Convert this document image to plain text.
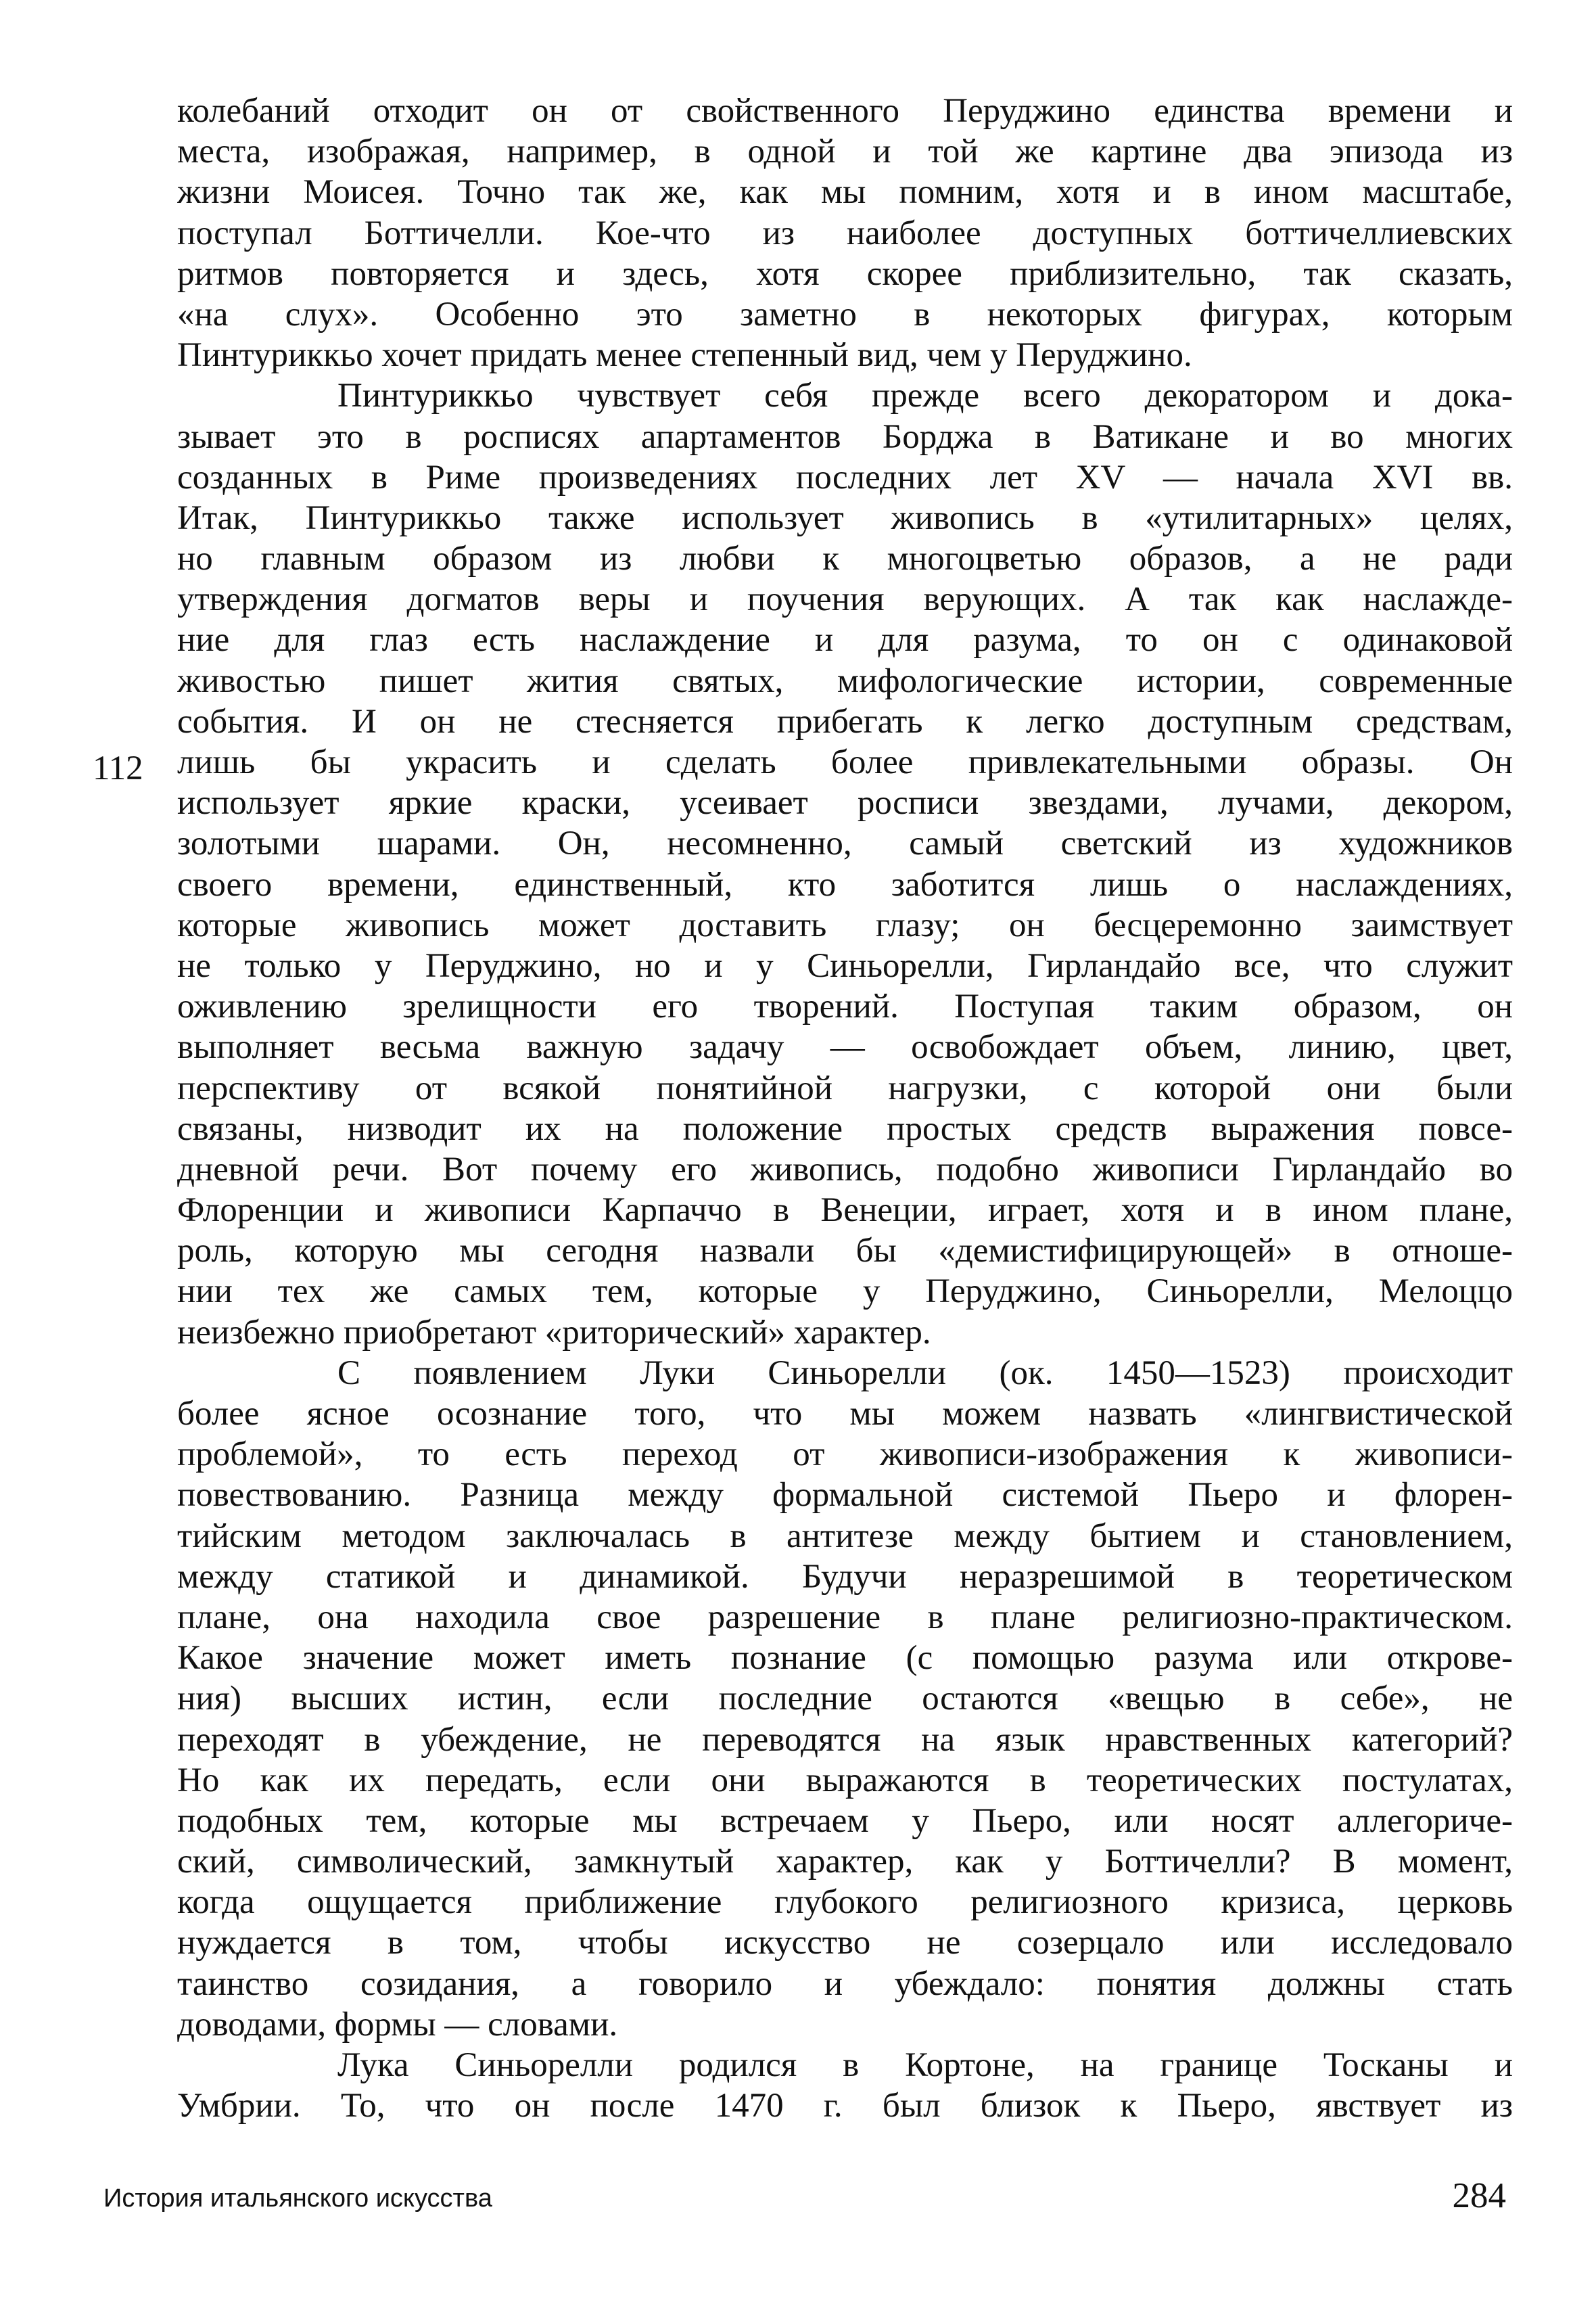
колебаний отходит он от свойственного Перуджино единства времени и
места, изображая, например, в одной и той же картине два эпизода из
жизни Моисея. Точно так же, как мы помним, хотя и в ином масштабе,
поступал Боттичелли. Кое-что из наиболее доступных боттичеллиевских
ритмов повторяется и здесь, хотя скорее приблизительно, так сказать,
«на слух». Особенно это заметно в некоторых фигурах, которым
Пинтуриккьо хочет придать менее степенный вид, чем у Перуджино.
Пинтуриккьо чувствует себя прежде всего декоратором и дока-
зывает это в росписях апартаментов Борджа в Ватикане и во многих
созданных в Риме произведениях последних лет XV — начала XVI вв.
Итак, Пинтуриккьо также использует живопись в «утилитарных» целях,
но главным образом из любви к многоцветью образов, а не ради
утверждения догматов веры и поучения верующих. А так как наслажде-
ние для глаз есть наслаждение и для разума, то он с одинаковой
живостью пишет жития святых, мифологические истории, современные
события. И он не стесняется прибегать к легко доступным средствам,
лишь бы украсить и сделать более привлекательными образы. Он
использует яркие краски, усеивает росписи звездами, лучами, декором,
золотыми шарами. Он, несомненно, самый светский из художников
своего времени, единственный, кто заботится лишь о наслаждениях,
которые живопись может доставить глазу; он бесцеремонно заимствует
не только у Перуджино, но и у Синьорелли, Гирландайо все, что служит
оживлению зрелищности его творений. Поступая таким образом, он
выполняет весьма важную задачу — освобождает объем, линию, цвет,
перспективу от всякой понятийной нагрузки, с которой они были
связаны, низводит их на положение простых средств выражения повсе-
дневной речи. Вот почему его живопись, подобно живописи Гирландайо во
Флоренции и живописи Карпаччо в Венеции, играет, хотя и в ином плане,
роль, которую мы сегодня назвали бы «демистифицирующей» в отноше-
нии тех же самых тем, которые у Перуджино, Синьорелли, Мелоццо
неизбежно приобретают «риторический» характер.
С появлением Луки Синьорелли (ок. 1450—1523) происходит
более ясное осознание того, что мы можем назвать «лингвистической
проблемой», то есть переход от живописи-изображения к живописи-
повествованию. Разница между формальной системой Пьеро и флорен-
тийским методом заключалась в антитезе между бытием и становлением,
между статикой и динамикой. Будучи неразрешимой в теоретическом
плане, она находила свое разрешение в плане религиозно-практическом.
Какое значение может иметь познание (с помощью разума или открове-
ния) высших истин, если последние остаются «вещью в себе», не
переходят в убеждение, не переводятся на язык нравственных категорий?
Но как их передать, если они выражаются в теоретических постулатах,
подобных тем, которые мы встречаем у Пьеро, или носят аллегориче-
ский, символический, замкнутый характер, как у Боттичелли? В момент,
когда ощущается приближение глубокого религиозного кризиса, церковь
нуждается в том, чтобы искусство не созерцало или исследовало
таинство созидания, а говорило и убеждало: понятия должны стать
доводами, формы — словами.
Лука Синьорелли родился в Кортоне, на границе Тосканы и
Умбрии. То, что он после 1470 г. был близок к Пьеро, явствует из
112
История итальянского искусства	284
